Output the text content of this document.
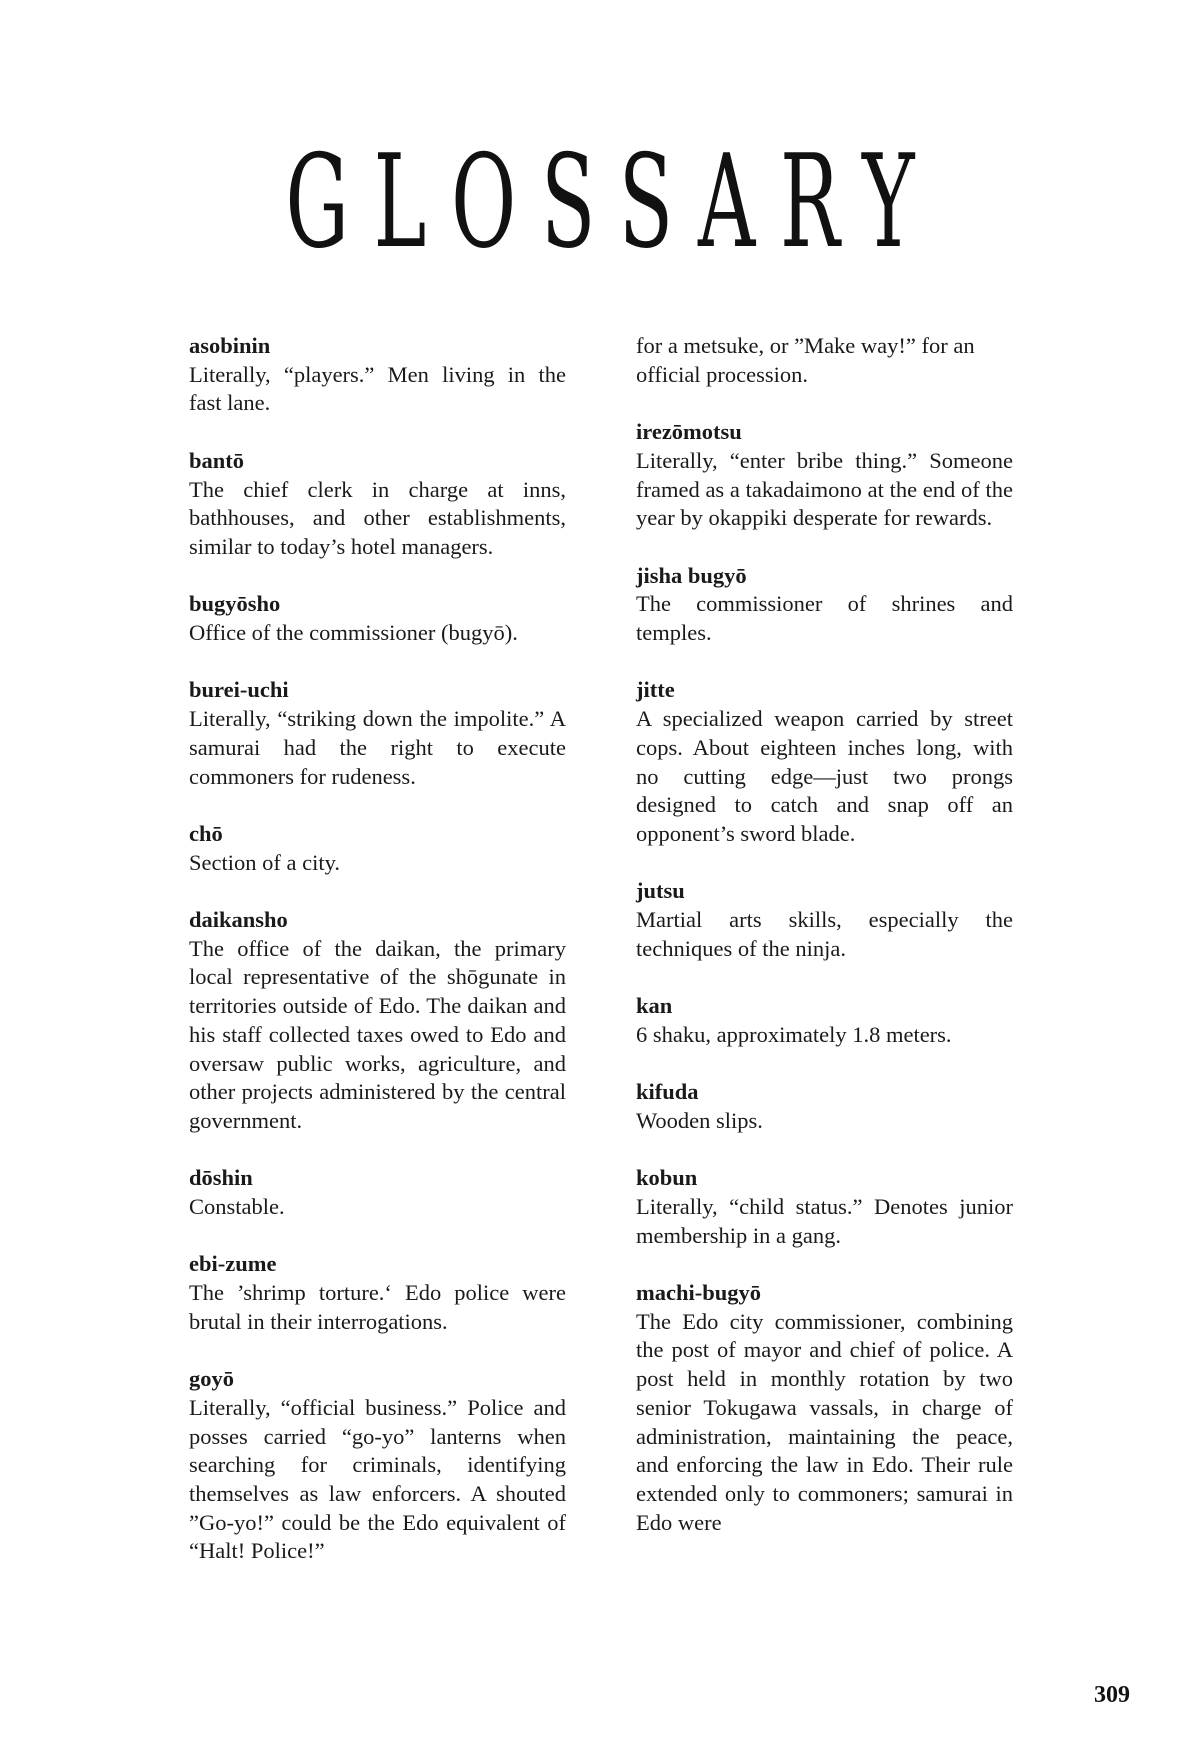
GLOSSARY
asobinin
Literally, “players.” Men living in the fast lane.
bantō
The chief clerk in charge at inns, bathhouses, and other establishments, similar to today’s hotel managers.
bugyōsho
Office of the commissioner (bugyō).
burei-uchi
Literally, “striking down the impolite.” A samurai had the right to execute commoners for rudeness.
chō
Section of a city.
daikansho
The office of the daikan, the primary local representative of the shōgunate in territories outside of Edo. The daikan and his staff collected taxes owed to Edo and oversaw public works, agriculture, and other projects administered by the central government.
dōshin
Constable.
ebi-zume
The ’shrimp torture.‘ Edo police were brutal in their interrogations.
goyō
Literally, “official business.” Police and posses carried “go-yo” lanterns when searching for criminals, identifying themselves as law enforcers. A shouted ”Go-yo!” could be the Edo equivalent of “Halt! Police!”
for a metsuke, or ”Make way!” for an official procession.
irezōmotsu
Literally, “enter bribe thing.” Someone framed as a takadaimono at the end of the year by okappiki desperate for rewards.
jisha bugyō
The commissioner of shrines and temples.
jitte
A specialized weapon carried by street cops. About eighteen inches long, with no cutting edge—just two prongs designed to catch and snap off an opponent’s sword blade.
jutsu
Martial arts skills, especially the techniques of the ninja.
kan
6 shaku, approximately 1.8 meters.
kifuda
Wooden slips.
kobun
Literally, “child status.” Denotes junior membership in a gang.
machi-bugyō
The Edo city commissioner, combining the post of mayor and chief of police. A post held in monthly rotation by two senior Tokugawa vassals, in charge of administration, maintaining the peace, and enforcing the law in Edo. Their rule extended only to commoners; samurai in Edo were
309
